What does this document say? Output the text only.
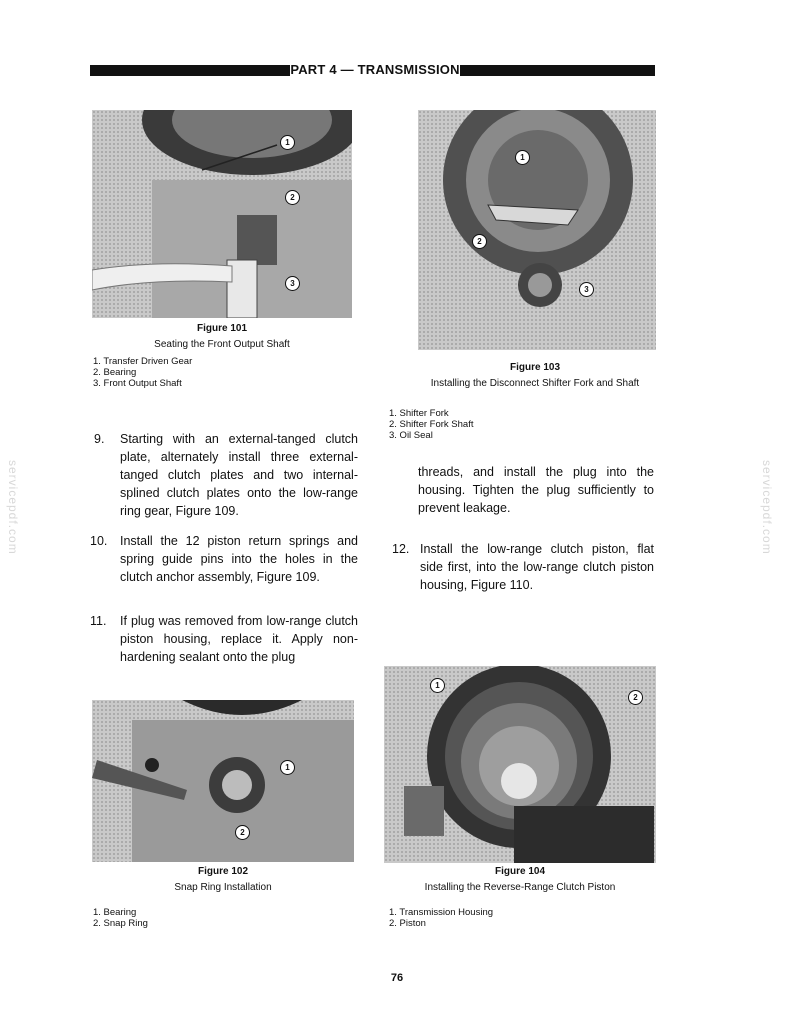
PART 4 — TRANSMISSION
1
2
3
Figure 101
Seating the Front Output Shaft
1. Transfer Driven Gear
2. Bearing
3. Front Output Shaft
1
2
3
Figure 103
Installing the Disconnect Shifter Fork and Shaft
1. Shifter Fork
2. Shifter Fork Shaft
3. Oil Seal
9. Starting with an external-tanged clutch plate, alternately install three external-tanged clutch plates and two internal-splined clutch plates onto the low-range ring gear, Figure 109.
10. Install the 12 piston return springs and spring guide pins into the holes in the clutch anchor assembly, Figure 109.
11. If plug was removed from low-range clutch piston housing, replace it. Apply non-hardening sealant onto the plug
threads, and install the plug into the housing. Tighten the plug sufficiently to prevent leakage.
12. Install the low-range clutch piston, flat side first, into the low-range clutch piston housing, Figure 110.
1
2
Figure 102
Snap Ring Installation
1. Bearing
2. Snap Ring
1
2
Figure 104
Installing the Reverse-Range Clutch Piston
1. Transmission Housing
2. Piston
servicepdf.com	servicepdf.com
76
